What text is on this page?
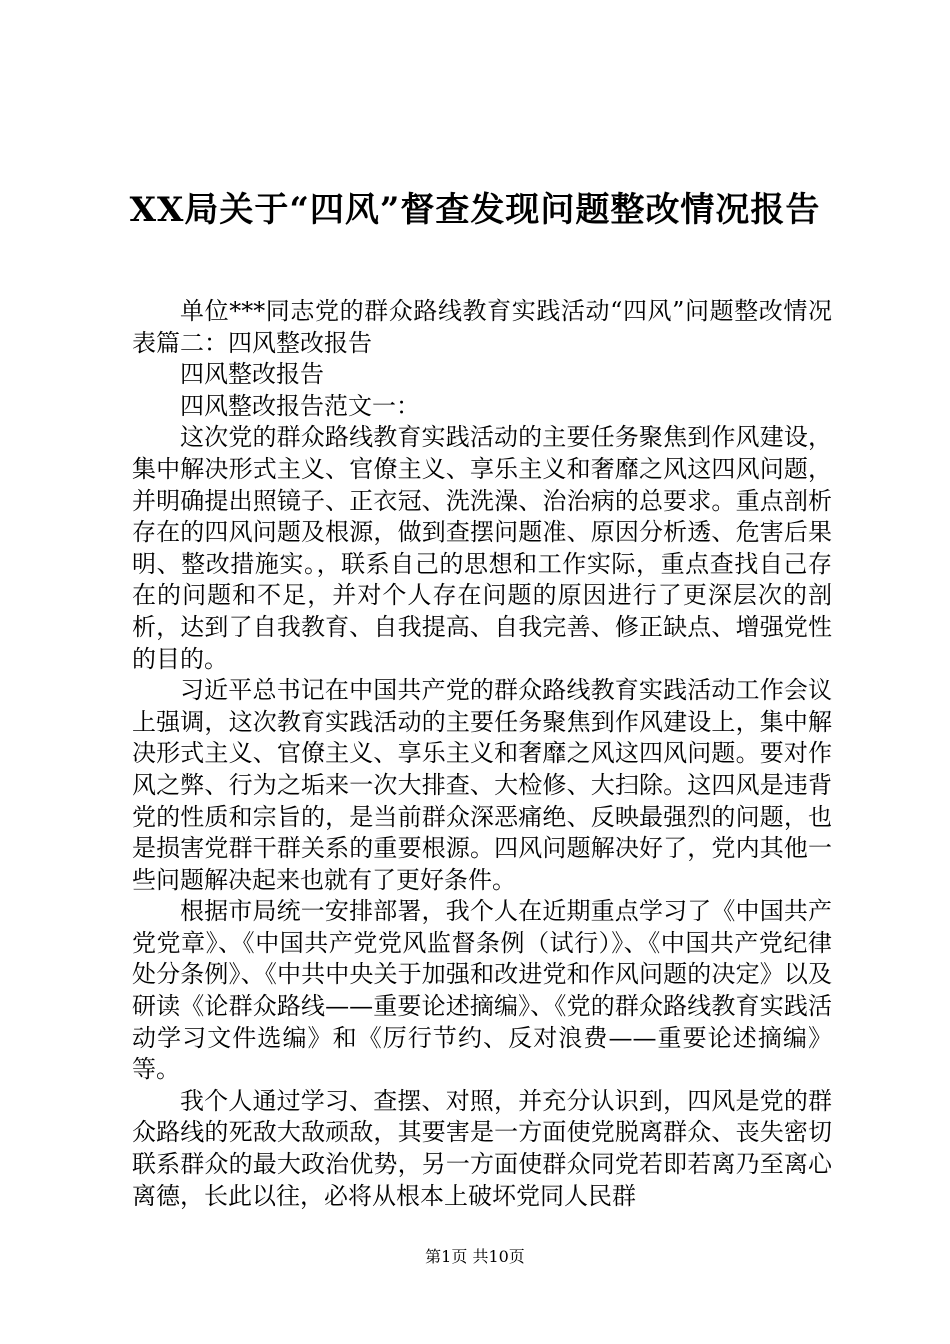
XX局关于“四风”督查发现问题整改情况报告

单位***同志党的群众路线教育实践活动“四风”问题整改情况表篇二：四风整改报告

四风整改报告

四风整改报告范文一：

这次党的群众路线教育实践活动的主要任务聚焦到作风建设，集中解决形式主义、官僚主义、享乐主义和奢靡之风这四风问题，并明确提出照镜子、正衣冠、洗洗澡、治治病的总要求。重点剖析存在的四风问题及根源，做到查摆问题准、原因分析透、危害后果明、整改措施实。，联系自己的思想和工作实际，重点查找自己存在的问题和不足，并对个人存在问题的原因进行了更深层次的剖析，达到了自我教育、自我提高、自我完善、修正缺点、增强党性的目的。

习近平总书记在中国共产党的群众路线教育实践活动工作会议上强调，这次教育实践活动的主要任务聚焦到作风建设上，集中解决形式主义、官僚主义、享乐主义和奢靡之风这四风问题。要对作风之弊、行为之垢来一次大排查、大检修、大扫除。这四风是违背党的性质和宗旨的，是当前群众深恶痛绝、反映最强烈的问题，也是损害党群干群关系的重要根源。四风问题解决好了，党内其他一些问题解决起来也就有了更好条件。

根据市局统一安排部署，我个人在近期重点学习了《中国共产党党章》、《中国共产党党风监督条例（试行）》、《中国共产党纪律处分条例》、《中共中央关于加强和改进党和作风问题的决定》以及研读《论群众路线——重要论述摘编》、《党的群众路线教育实践活动学习文件选编》和《厉行节约、反对浪费——重要论述摘编》等。

我个人通过学习、查摆、对照，并充分认识到，四风是党的群众路线的死敌大敌顽敌，其要害是一方面使党脱离群众、丧失密切联系群众的最大政治优势，另一方面使群众同党若即若离乃至离心离德，长此以往，必将从根本上破坏党同人民群

第1页 共10页
